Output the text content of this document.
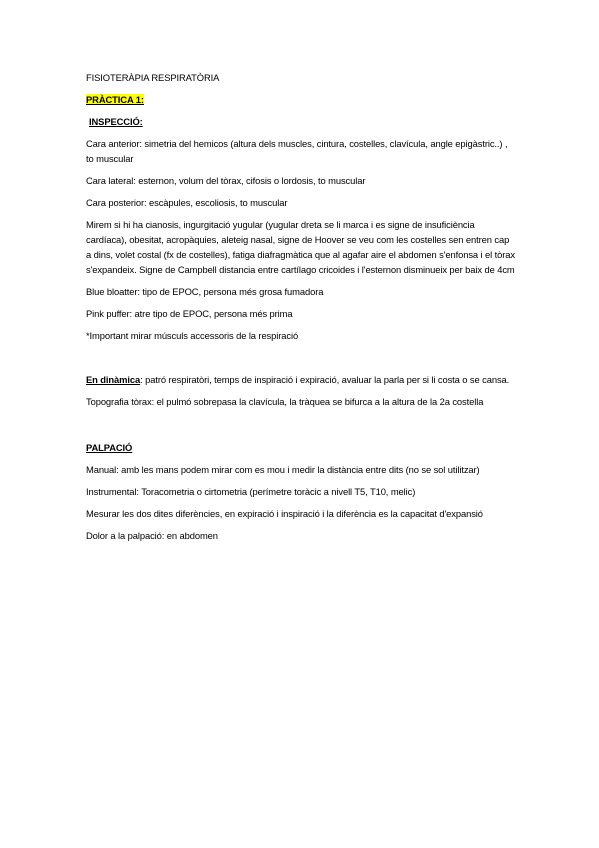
FISIOTERÀPIA RESPIRATÒRIA

PRÀCTICA 1:

INSPECCIÓ:

Cara anterior: simetria del hemicos (altura dels muscles, cintura, costelles, clavícula, angle epigàstric..) , to muscular

Cara lateral: esternon, volum del tòrax, cifosis o lordosis, to muscular

Cara posterior: escàpules, escoliosis, to muscular

Mirem si hi ha cianosis, ingurgitació yugular (yugular dreta se li marca i es signe de insuficiència cardíaca), obesitat, acropàquies, aleteig nasal, signe de Hoover se veu com les costelles sen entren cap a dins, volet costal (fx de costelles), fatiga diafragmàtica que al agafar aire el abdomen s'enfonsa i el tòrax s'expandeix. Signe de Campbell distancia entre cartílago cricoides i l'esternon disminueix per baix de 4cm

Blue bloatter: tipo de EPOC, persona més grosa fumadora

Pink puffer: atre tipo de EPOC, persona més prima

*Important mirar músculs accessoris de la respiració

En dinàmica: patró respiratòri, temps de inspiració i expiració, avaluar la parla per si li costa o se cansa.

Topografia tòrax: el pulmó sobrepasa la clavícula, la tràquea se bifurca a la altura de la 2a costella

PALPACIÓ

Manual: amb les mans podem mirar com es mou i medir la distància entre dits (no se sol utilitzar)

Instrumental: Toracometria o cirtometria (perímetre toràcic a nivell T5, T10, melic)

Mesurar les dos dites diferències, en expiració i inspiració i la diferència es la capacitat d'expansió

Dolor a la palpació: en abdomen
